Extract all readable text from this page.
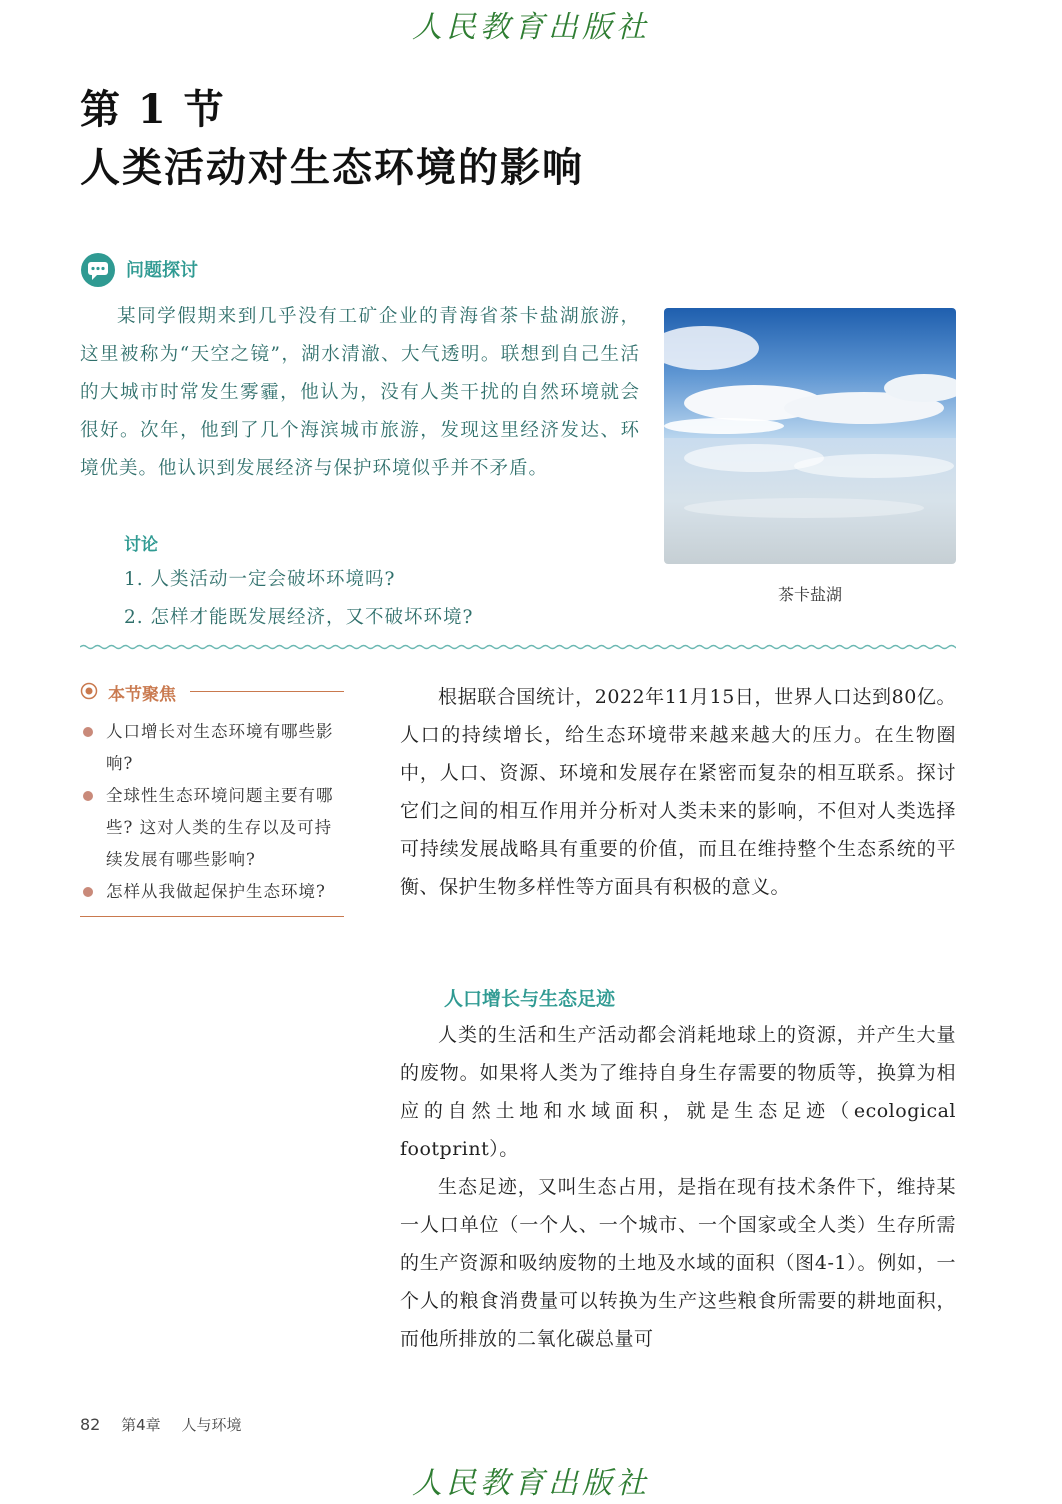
人民教育出版社
第 1 节
人类活动对生态环境的影响
问题探讨
某同学假期来到几乎没有工矿企业的青海省茶卡盐湖旅游，这里被称为“天空之镜”，湖水清澈、大气透明。联想到自己生活的大城市时常发生雾霾，他认为，没有人类干扰的自然环境就会很好。次年，他到了几个海滨城市旅游，发现这里经济发达、环境优美。他认识到发展经济与保护环境似乎并不矛盾。
讨论
1. 人类活动一定会破坏环境吗?
2. 怎样才能既发展经济，又不破坏环境?
茶卡盐湖
本节聚焦
人口增长对生态环境有哪些影响?
全球性生态环境问题主要有哪些? 这对人类的生存以及可持续发展有哪些影响?
怎样从我做起保护生态环境?
根据联合国统计，2022年11月15日，世界人口达到80亿。人口的持续增长，给生态环境带来越来越大的压力。在生物圈中，人口、资源、环境和发展存在紧密而复杂的相互联系。探讨它们之间的相互作用并分析对人类未来的影响，不但对人类选择可持续发展战略具有重要的价值，而且在维持整个生态系统的平衡、保护生物多样性等方面具有积极的意义。
人口增长与生态足迹
人类的生活和生产活动都会消耗地球上的资源，并产生大量的废物。如果将人类为了维持自身生存需要的物质等，换算为相应的自然土地和水域面积，就是生态足迹（ecological footprint）。
生态足迹，又叫生态占用，是指在现有技术条件下，维持某一人口单位（一个人、一个城市、一个国家或全人类）生存所需的生产资源和吸纳废物的土地及水域的面积（图4-1）。例如，一个人的粮食消费量可以转换为生产这些粮食所需要的耕地面积，而他所排放的二氧化碳总量可
82 第4章 人与环境
人民教育出版社
